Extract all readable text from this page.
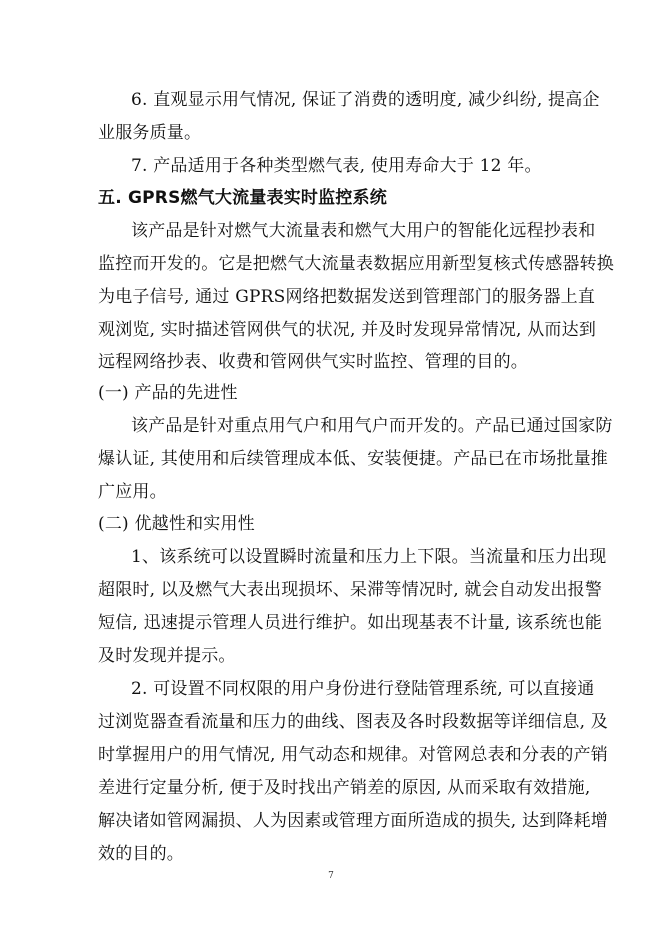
6. 直观显示用气情况, 保证了消费的透明度, 减少纠纷, 提高企
业服务质量。
7. 产品适用于各种类型燃气表, 使用寿命大于 12 年。
五. GPRS燃气大流量表实时监控系统
该产品是针对燃气大流量表和燃气大用户的智能化远程抄表和
监控而开发的。它是把燃气大流量表数据应用新型复核式传感器转换
为电子信号, 通过 GPRS网络把数据发送到管理部门的服务器上直
观浏览, 实时描述管网供气的状况, 并及时发现异常情况, 从而达到
远程网络抄表、收费和管网供气实时监控、管理的目的。
(一) 产品的先进性
该产品是针对重点用气户和用气户而开发的。产品已通过国家防
爆认证, 其使用和后续管理成本低、安装便捷。产品已在市场批量推
广应用。
(二) 优越性和实用性
1、该系统可以设置瞬时流量和压力上下限。当流量和压力出现
超限时, 以及燃气大表出现损坏、呆滞等情况时, 就会自动发出报警
短信, 迅速提示管理人员进行维护。如出现基表不计量, 该系统也能
及时发现并提示。
2. 可设置不同权限的用户身份进行登陆管理系统, 可以直接通
过浏览器查看流量和压力的曲线、图表及各时段数据等详细信息, 及
时掌握用户的用气情况, 用气动态和规律。对管网总表和分表的产销
差进行定量分析, 便于及时找出产销差的原因, 从而采取有效措施,
解决诸如管网漏损、人为因素或管理方面所造成的损失, 达到降耗增
效的目的。
7
